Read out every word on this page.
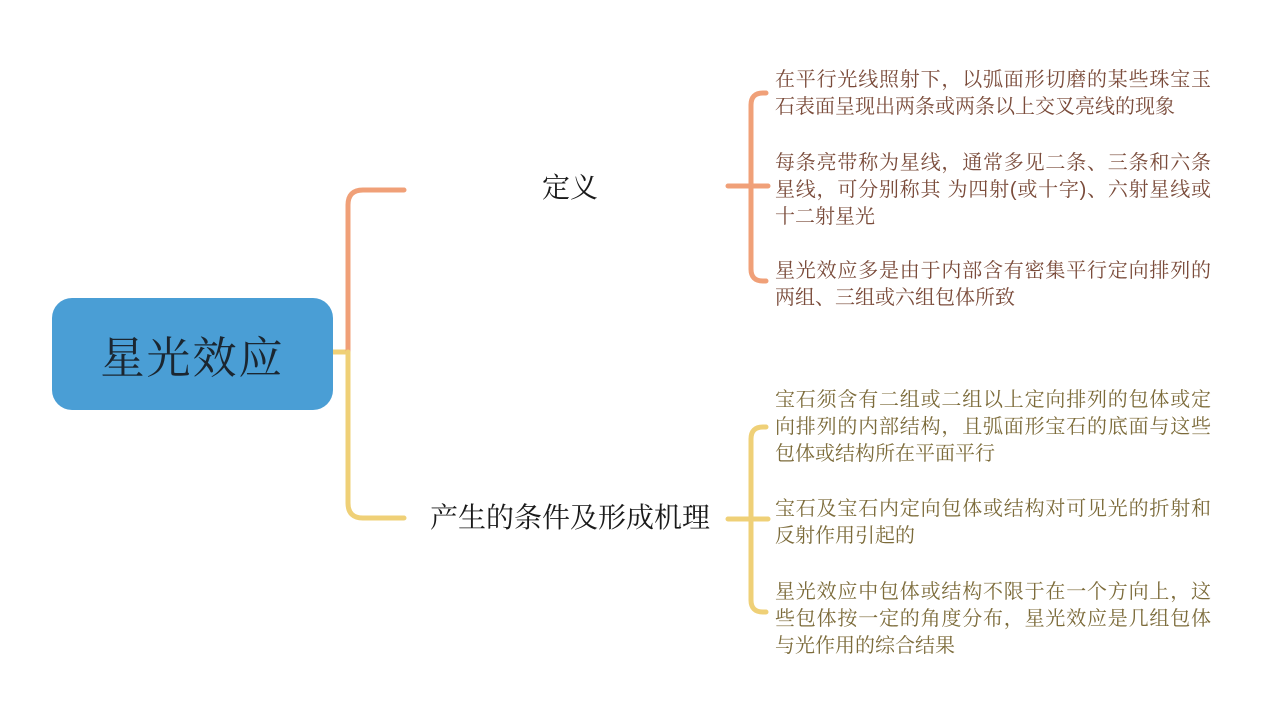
星光效应
定义
产生的条件及形成机理
在平行光线照射下，以弧面形切磨的某些珠宝玉石表面呈现出两条或两条以上交叉亮线的现象
每条亮带称为星线，通常多见二条、三条和六条星线，可分别称其 为四射(或十字)、六射星线或十二射星光
星光效应多是由于内部含有密集平行定向排列的两组、三组或六组包体所致
宝石须含有二组或二组以上定向排列的包体或定向排列的内部结构，且弧面形宝石的底面与这些包体或结构所在平面平行
宝石及宝石内定向包体或结构对可见光的折射和反射作用引起的
星光效应中包体或结构不限于在一个方向上，这些包体按一定的角度分布，星光效应是几组包体与光作用的综合结果
